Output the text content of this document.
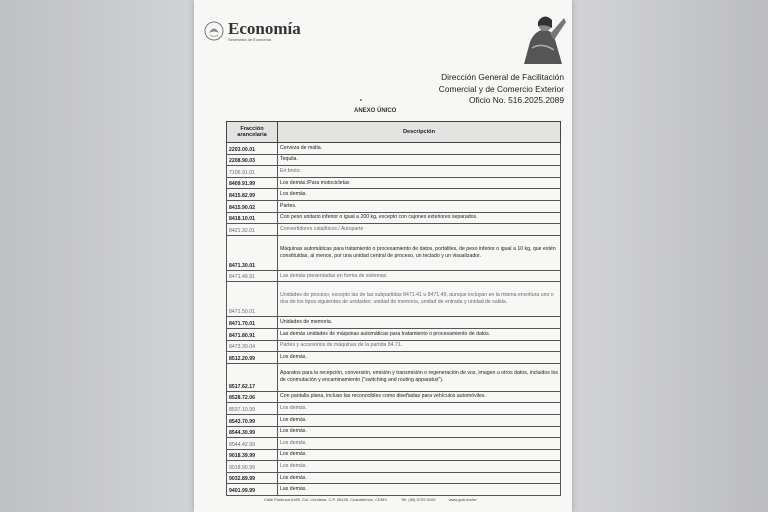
Economía
Secretaría de Economía
Dirección General de Facilitación
Comercial y de Comercio Exterior
Oficio No. 516.2025.2089
ANEXO ÚNICO
Fracción arancelaria	Descripción
2203.00.01	Cerveza de malta.
2208.90.03	Tequila.
7106.91.01	En bruto.
8409.91.99	Los demás./Para motocicletas
8415.82.99	Los demás.
8415.90.02	Partes.
8418.10.01	Con peso unitario inferior o igual a 200 kg, excepto con cajones exteriores separados.
8421.32.01	Convertidores catalíticos./ Autoparte
8471.30.01	Máquinas automáticas para tratamiento o procesamiento de datos, portátiles, de peso inferior o igual a 10 kg, que estén constituidas, al menos, por una unidad central de proceso, un teclado y un visualizador.
8471.49.91	Las demás presentadas en forma de sistemas.
8471.50.01	Unidades de proceso, excepto las de las subpartidas 8471.41 u 8471.49, aunque incluyan en la misma envoltura uno o dos de los tipos siguientes de unidades: unidad de memoria, unidad de entrada y unidad de salida.
8471.70.01	Unidades de memoria.
8471.80.91	Las demás unidades de máquinas automáticas para tratamiento o procesamiento de datos.
8473.30.04	Partes y accesorios de máquinas de la partida 84.71.
8512.20.99	Los demás.
8517.62.17	Aparatos para la recepción, conversión, emisión y transmisión o regeneración de voz, imagen u otros datos, incluidos los de conmutación y encaminamiento ("switching and routing apparatus").
8528.72.06	Con pantalla plana, incluso las reconocibles como diseñadas para vehículos automóviles.
8537.10.99	Los demás.
8543.70.99	Los demás.
8544.30.99	Los demás.
8544.42.99	Los demás.
9018.39.99	Los demás.
9018.90.99	Los demás.
9032.89.99	Los demás.
9401.99.99	Las demás.
Calle Pachuca #189, Col. Condesa, C.P. 06140, Cuauhtémoc, CDMX.	Tel: (55) 5729 9100	www.gob.mx/se
